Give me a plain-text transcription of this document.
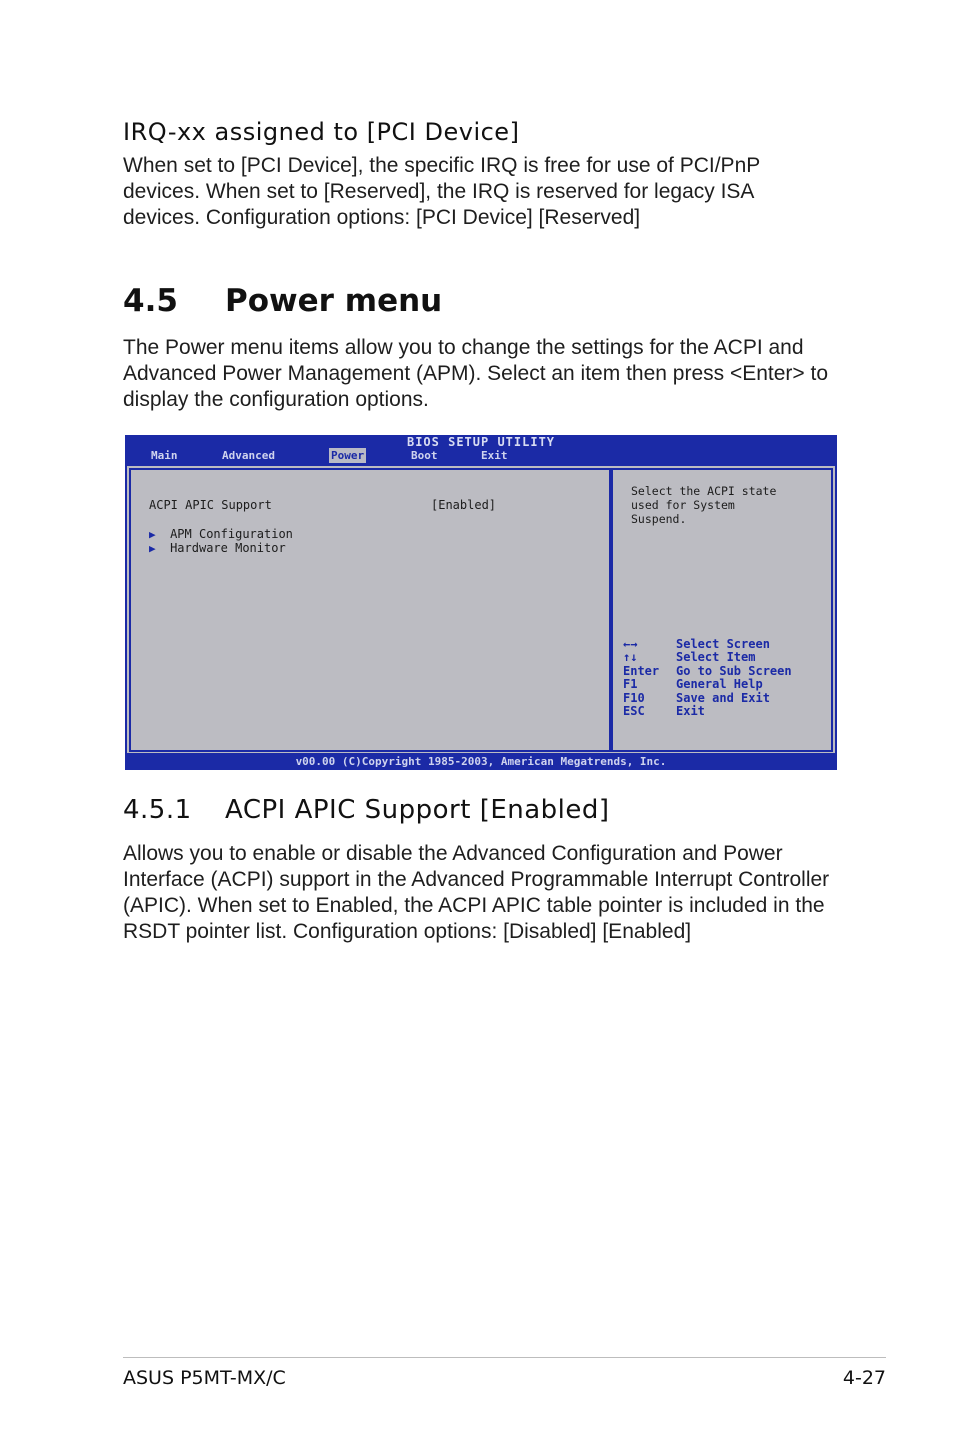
IRQ-xx assigned to [PCI Device]
When set to [PCI Device], the specific IRQ is free for use of PCI/PnP
devices. When set to [Reserved], the IRQ is reserved for legacy ISA
devices. Configuration options: [PCI Device] [Reserved]
4.5 Power menu
The Power menu items allow you to change the settings for the ACPI and
Advanced Power Management (APM). Select an item then press <Enter> to
display the configuration options.
BIOS SETUP UTILITY
Main	Advanced	Power	Boot	Exit
ACPI APIC Support	[Enabled]
▶ APM Configuration
▶ Hardware Monitor
Select the ACPI state
used for System
Suspend.
←→	Select Screen
↑↓	Select Item
Enter Go to Sub Screen
F1	General Help
F10	Save and Exit
ESC	Exit
v00.00 (C)Copyright 1985-2003, American Megatrends, Inc.
4.5.1 ACPI APIC Support [Enabled]
Allows you to enable or disable the Advanced Configuration and Power
Interface (ACPI) support in the Advanced Programmable Interrupt Controller
(APIC). When set to Enabled, the ACPI APIC table pointer is included in the
RSDT pointer list. Configuration options: [Disabled] [Enabled]
ASUS P5MT-MX/C	4-27
